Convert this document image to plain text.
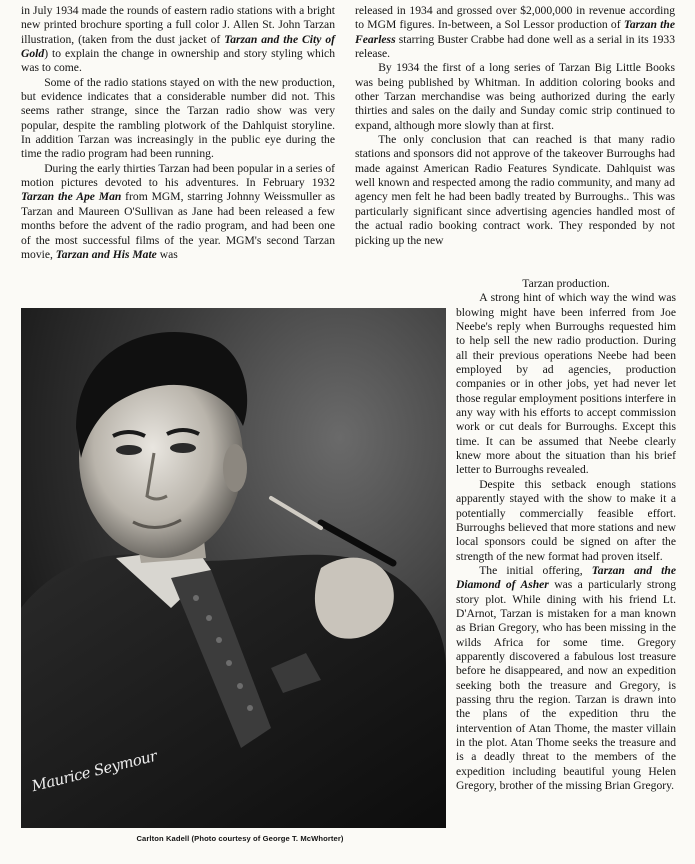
in July 1934 made the rounds of eastern radio stations with a bright new printed brochure sporting a full color J. Allen St. John Tarzan illustration, (taken from the dust jacket of Tarzan and the City of Gold) to explain the change in ownership and story styling which was to come.

Some of the radio stations stayed on with the new production, but evidence indicates that a considerable number did not. This seems rather strange, since the Tarzan radio show was very popular, despite the rambling plotwork of the Dahlquist storyline. In addition Tarzan was increasingly in the public eye during the time the radio program had been running.

During the early thirties Tarzan had been popular in a series of motion pictures devoted to his adventures. In February 1932 Tarzan the Ape Man from MGM, starring Johnny Weissmuller as Tarzan and Maureen O'Sullivan as Jane had been released a few months before the advent of the radio program, and had been one of the most successful films of the year. MGM's second Tarzan movie, Tarzan and His Mate was

released in 1934 and grossed over $2,000,000 in revenue according to MGM figures. In-between, a Sol Lessor production of Tarzan the Fearless starring Buster Crabbe had done well as a serial in its 1933 release.

By 1934 the first of a long series of Tarzan Big Little Books was being published by Whitman. In addition coloring books and other Tarzan merchandise was being authorized during the early thirties and sales on the daily and Sunday comic strip continued to expand, although more slowly than at first.

The only conclusion that can reached is that many radio stations and sponsors did not approve of the takeover Burroughs had made against American Radio Features Syndicate. Dahlquist was well known and respected among the radio community, and many ad agency men felt he had been badly treated by Burroughs.. This was particularly significant since advertising agencies handled most of the actual radio booking contract work. They responded by not picking up the new

Tarzan production.

A strong hint of which way the wind was blowing might have been inferred from Joe Neebe's reply when Burroughs requested him to help sell the new radio production. During all their previous operations Neebe had been employed by ad agencies, production companies or in other jobs, yet had never let those regular employment positions interfere in any way with his efforts to accept commission work or cut deals for Burroughs. Except this time. It can be assumed that Neebe clearly knew more about the situation than his brief letter to Burroughs revealed.

Despite this setback enough stations apparently stayed with the show to make it a potentially commercially feasible effort. Burroughs believed that more stations and new local sponsors could be signed on after the strength of the new format had proven itself.

The initial offering, Tarzan and the Diamond of Asher was a particularly strong story plot. While dining with his friend Lt. D'Arnot, Tarzan is mistaken for a man known as Brian Gregory, who has been missing in the wilds Africa for some time. Gregory apparently discovered a fabulous lost treasure before he disappeared, and now an expedition seeking both the treasure and Gregory, is passing thru the region. Tarzan is drawn into the plans of the expedition thru the intervention of Atan Thome, the master villain in the plot. Atan Thome seeks the treasure and is a deadly threat to the members of the expedition including beautiful young Helen Gregory, brother of the missing Brian Gregory.

Maurice Seymour
Carlton Kadell (Photo courtesy of George T. McWhorter)
